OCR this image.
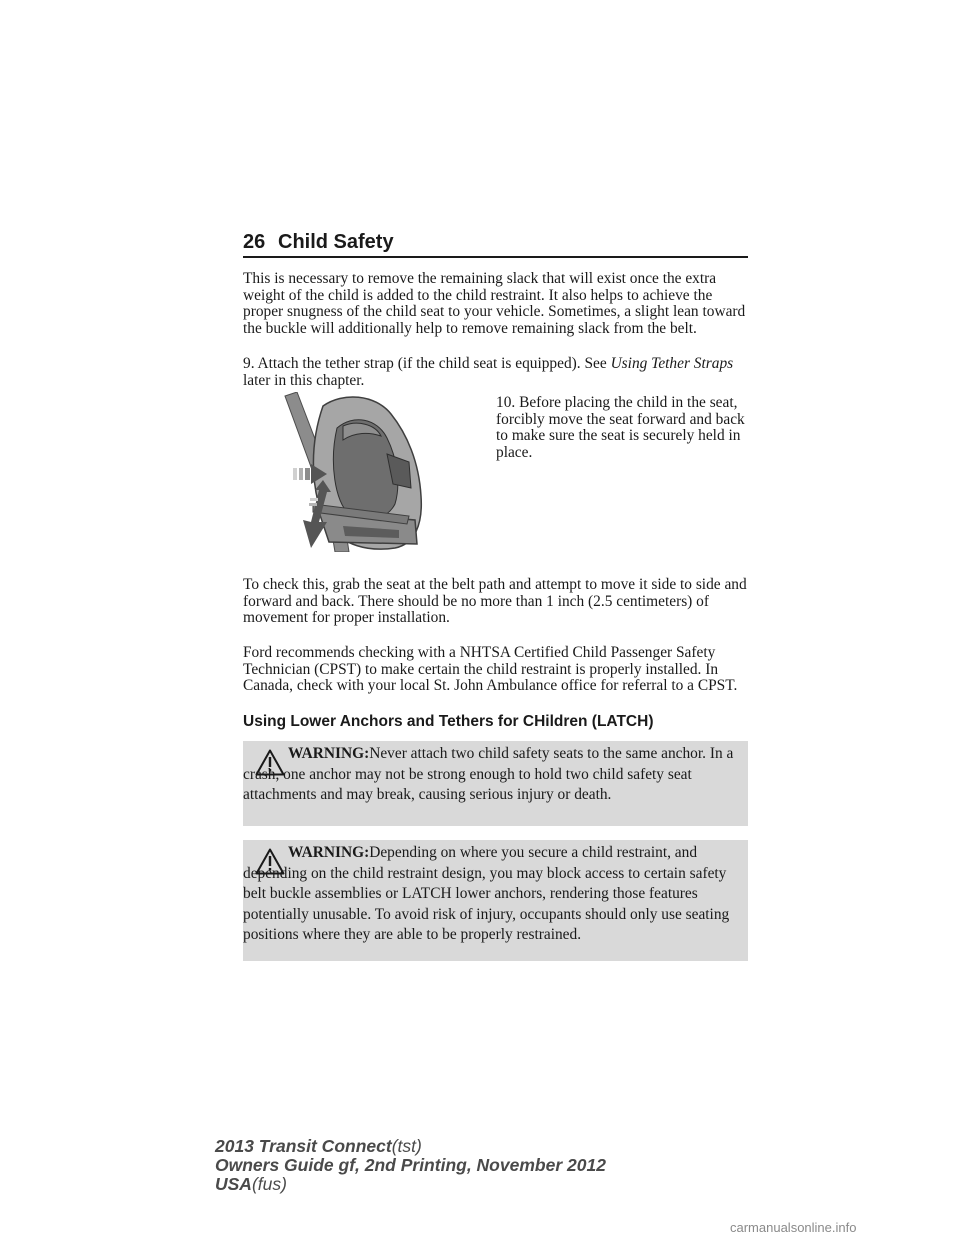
26 Child Safety

This is necessary to remove the remaining slack that will exist once the extra weight of the child is added to the child restraint. It also helps to achieve the proper snugness of the child seat to your vehicle. Sometimes, a slight lean toward the buckle will additionally help to remove remaining slack from the belt.

9. Attach the tether strap (if the child seat is equipped). See Using Tether Straps later in this chapter.

10. Before placing the child in the seat, forcibly move the seat forward and back to make sure the seat is securely held in place.

To check this, grab the seat at the belt path and attempt to move it side to side and forward and back. There should be no more than 1 inch (2.5 centimeters) of movement for proper installation.

Ford recommends checking with a NHTSA Certified Child Passenger Safety Technician (CPST) to make certain the child restraint is properly installed. In Canada, check with your local St. John Ambulance office for referral to a CPST.

Using Lower Anchors and Tethers for CHildren (LATCH)

WARNING:Never attach two child safety seats to the same anchor. In a crash, one anchor may not be strong enough to hold two child safety seat attachments and may break, causing serious injury or death.

WARNING:Depending on where you secure a child restraint, and depending on the child restraint design, you may block access to certain safety belt buckle assemblies or LATCH lower anchors, rendering those features potentially unusable. To avoid risk of injury, occupants should only use seating positions where they are able to be properly restrained.

2013 Transit Connect(tst)
Owners Guide gf, 2nd Printing, November 2012
USA(fus)
carmanualsonline.info
